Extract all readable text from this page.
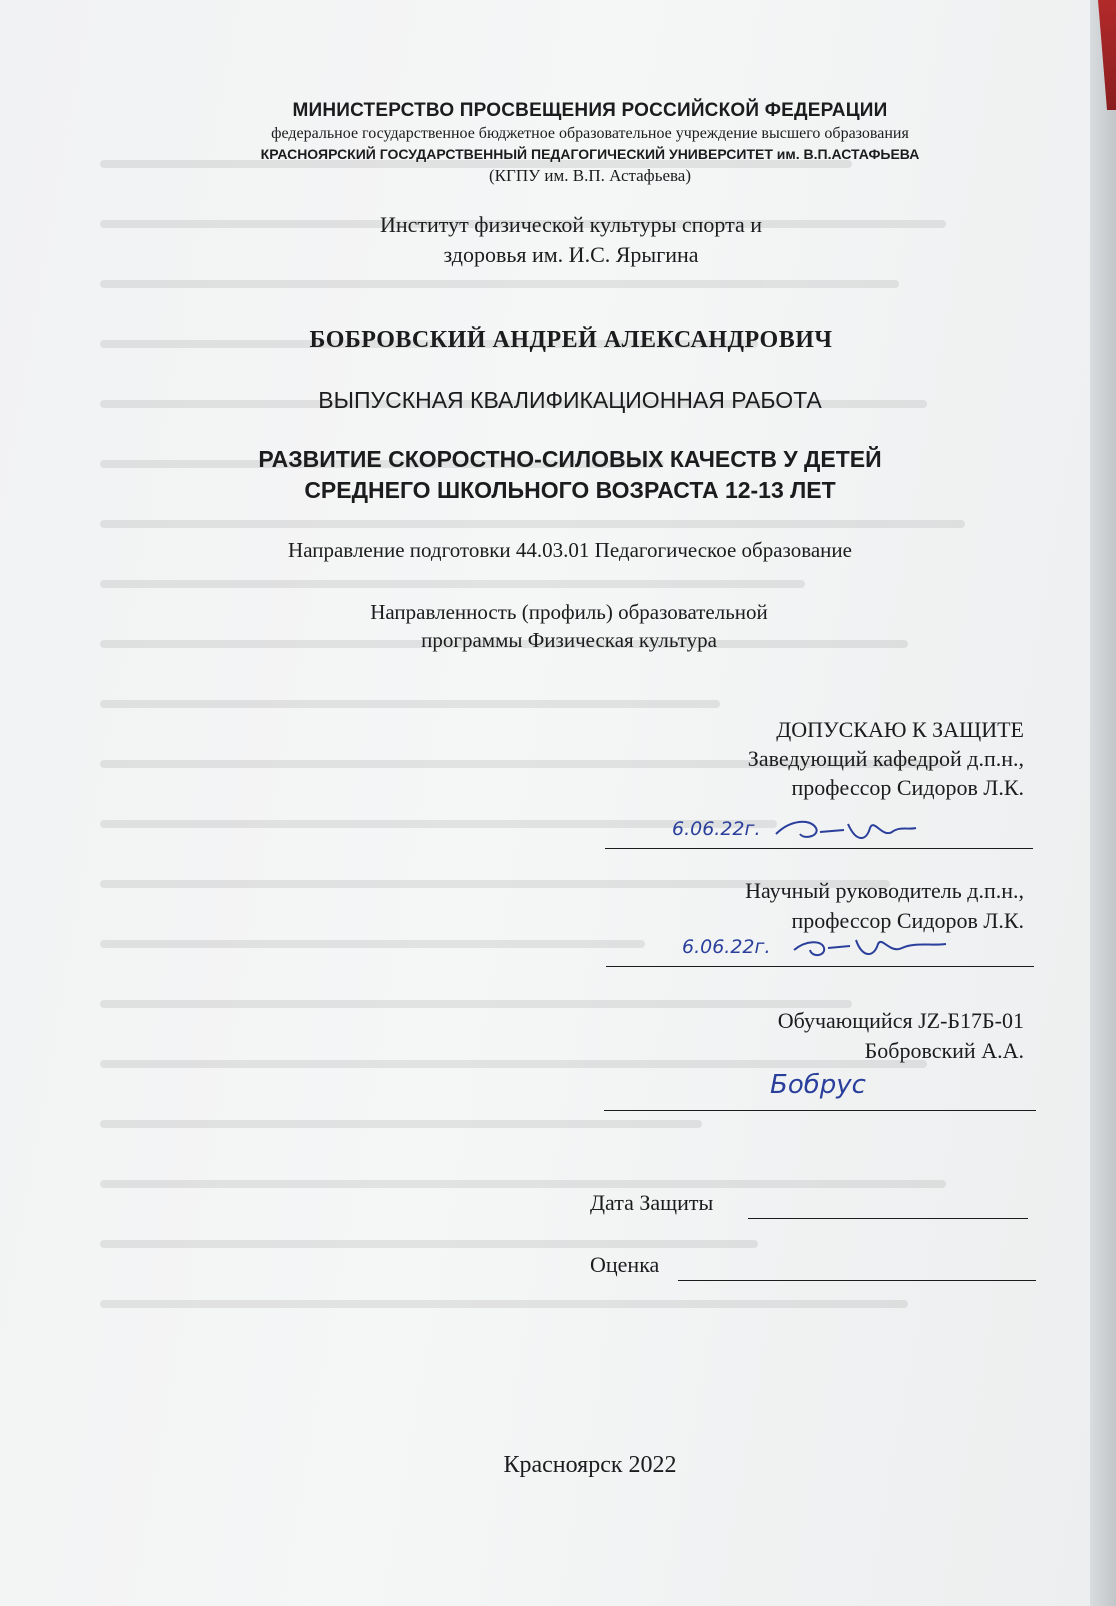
МИНИСТЕРСТВО ПРОСВЕЩЕНИЯ РОССИЙСКОЙ ФЕДЕРАЦИИ
федеральное государственное бюджетное образовательное учреждение высшего образования
КРАСНОЯРСКИЙ ГОСУДАРСТВЕННЫЙ ПЕДАГОГИЧЕСКИЙ УНИВЕРСИТЕТ им. В.П.АСТАФЬЕВА
(КГПУ им. В.П. Астафьева)
Институт физической культуры спорта и
здоровья им. И.С. Ярыгина
БОБРОВСКИЙ АНДРЕЙ АЛЕКСАНДРОВИЧ
ВЫПУСКНАЯ КВАЛИФИКАЦИОННАЯ РАБОТА
РАЗВИТИЕ СКОРОСТНО-СИЛОВЫХ КАЧЕСТВ У ДЕТЕЙ
СРЕДНЕГО ШКОЛЬНОГО ВОЗРАСТА 12-13 ЛЕТ
Направление подготовки 44.03.01 Педагогическое образование
Направленность (профиль) образовательной
программы Физическая культура
ДОПУСКАЮ К ЗАЩИТЕ
Заведующий кафедрой д.п.н.,
профессор Сидоров Л.К.
6.06.22г.
Научный руководитель д.п.н.,
профессор Сидоров Л.К.
6.06.22г.
Обучающийся JZ-Б17Б-01
Бобровский А.А.
Бобрус
Дата Защиты
Оценка
Красноярск 2022
